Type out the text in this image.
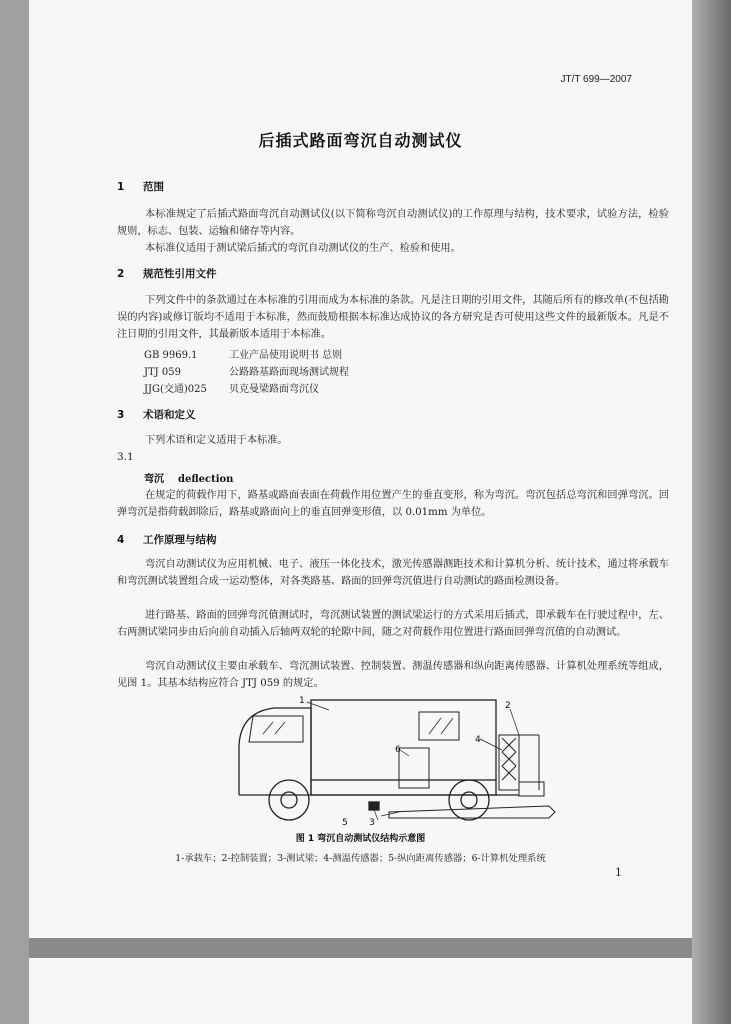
JT/T 699—2007
后插式路面弯沉自动测试仪
1 范围
本标准规定了后插式路面弯沉自动测试仪(以下简称弯沉自动测试仪)的工作原理与结构，技术要求，试验方法，检验规则，标志、包装、运输和储存等内容。
本标准仪适用于测试梁后插式的弯沉自动测试仪的生产、检验和使用。
2 规范性引用文件
下列文件中的条款通过在本标准的引用而成为本标准的条款。凡是注日期的引用文件，其随后所有的修改单(不包括勘误的内容)或修订版均不适用于本标准，然而鼓励根据本标准达成协议的各方研究是否可使用这些文件的最新版本。凡是不注日期的引用文件，其最新版本适用于本标准。
GB 9969.1	工业产品使用说明书 总则
JTJ 059	公路路基路面现场测试规程
JJG(交通)025 贝克曼梁路面弯沉仪
3 术语和定义
下列术语和定义适用于本标准。
3.1
弯沉 deflection
在规定的荷载作用下，路基或路面表面在荷载作用位置产生的垂直变形，称为弯沉。弯沉包括总弯沉和回弹弯沉。回弹弯沉是指荷载卸除后，路基或路面向上的垂直回弹变形值，以 0.01mm 为单位。
4 工作原理与结构
弯沉自动测试仪为应用机械、电子、液压一体化技术，激光传感器测距技术和计算机分析、统计技术，通过将承载车和弯沉测试装置组合成一运动整体，对各类路基、路面的回弹弯沉值进行自动测试的路面检测设备。
进行路基、路面的回弹弯沉值测试时，弯沉测试装置的测试梁运行的方式采用后插式，即承载车在行驶过程中，左、右两测试梁同步由后向前自动插入后轴两双轮的轮隙中间，随之对荷载作用位置进行路面回弹弯沉值的自动测试。
弯沉自动测试仪主要由承载车、弯沉测试装置、控制装置、测温传感器和纵向距离传感器、计算机处理系统等组成，见图 1。其基本结构应符合 JTJ 059 的规定。
1	2
3
4
5
6
图 1 弯沉自动测试仪结构示意图
1-承载车；2-控制装置；3-测试梁；4-测温传感器；5-纵向距离传感器；6-计算机处理系统
1
